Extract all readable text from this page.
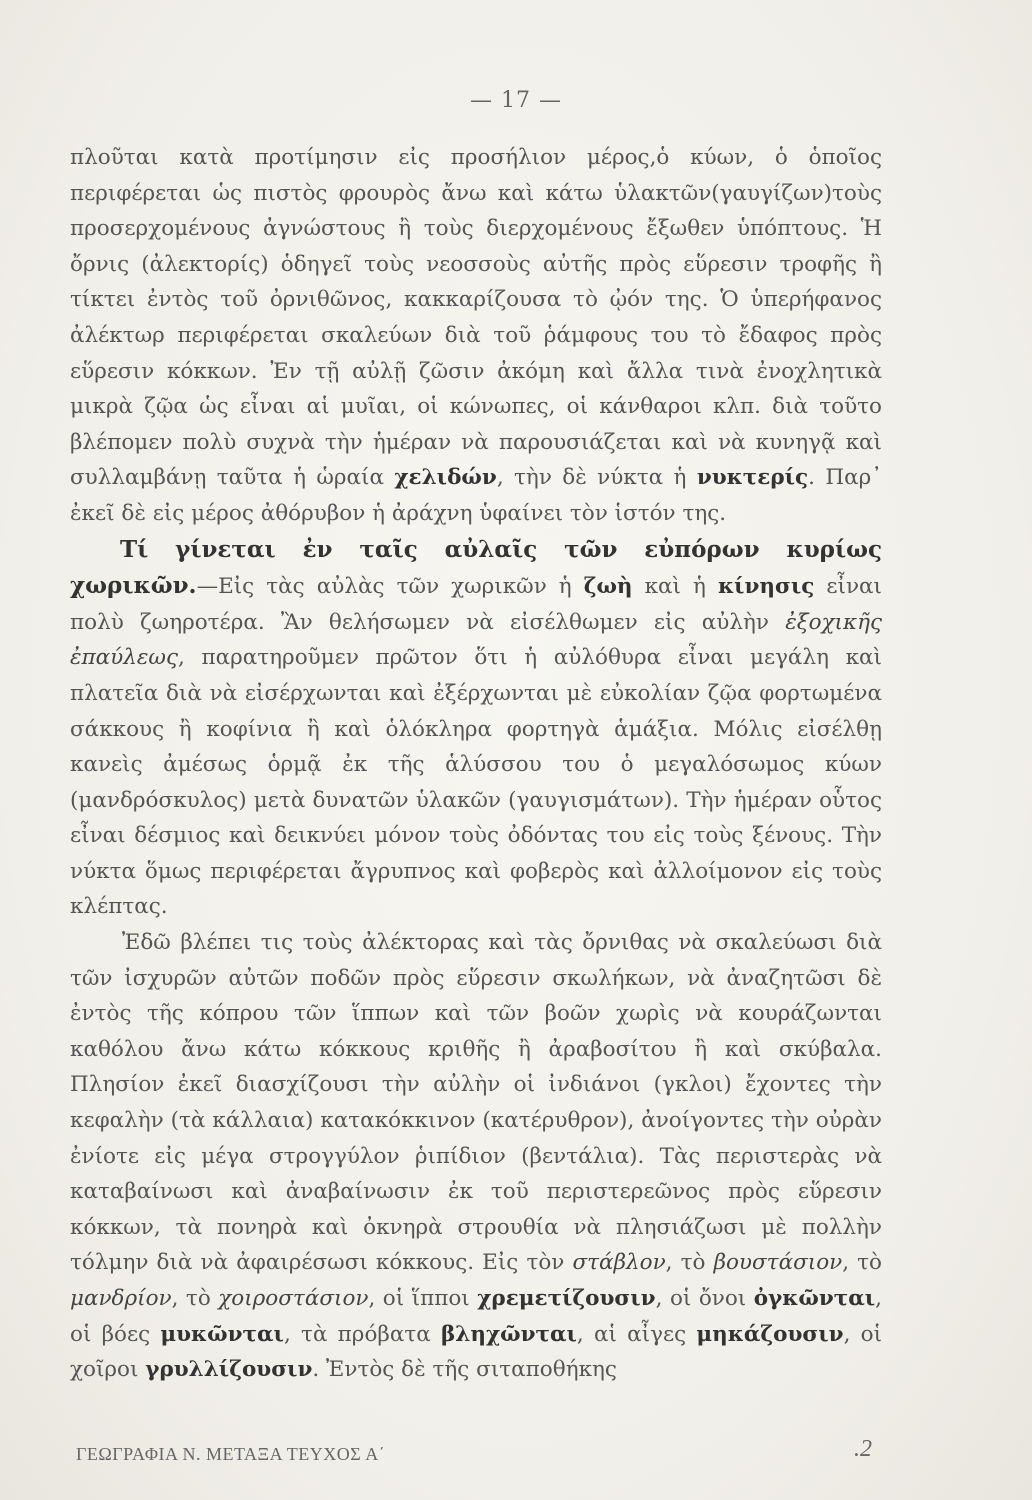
— 17 —

πλοῦται κατὰ προτίμησιν εἰς προσήλιον μέρος,ὁ κύων, ὁ ὁποῖος περιφέρεται ὡς πιστὸς φρουρὸς ἄνω καὶ κάτω ὑλακτῶν(γαυγίζων)τοὺς προσερχομένους ἀγνώστους ἢ τοὺς διερχομένους ἔξωθεν ὑπόπτους. Ἡ ὄρνις (ἀλεκτορίς) ὁδηγεῖ τοὺς νεοσσοὺς αὐτῆς πρὸς εὕρεσιν τροφῆς ἢ τίκτει ἐντὸς τοῦ ὀρνιθῶνος, κακκαρίζουσα τὸ ᾠόν της. Ὁ ὑπερήφανος ἀλέκτωρ περιφέρεται σκαλεύων διὰ τοῦ ῥάμφους του τὸ ἔδαφος πρὸς εὕρεσιν κόκκων. Ἐν τῇ αὐλῇ ζῶσιν ἀκόμη καὶ ἄλλα τινὰ ἐνοχλητικὰ μικρὰ ζῷα ὡς εἶναι αἱ μυῖαι, οἱ κώνωπες, οἱ κάνθαροι κλπ. διὰ τοῦτο βλέπομεν πολὺ συχνὰ τὴν ἡμέραν νὰ παρουσιάζεται καὶ νὰ κυνηγᾷ καὶ συλλαμβάνῃ ταῦτα ἡ ὡραία χελιδών, τὴν δὲ νύκτα ἡ νυκτερίς. Παρ᾽ ἐκεῖ δὲ εἰς μέρος ἀθόρυβον ἡ ἀράχνη ὑφαίνει τὸν ἱστόν της.

Τί γίνεται ἐν ταῖς αὐλαῖς τῶν εὐπόρων κυρίως χωρικῶν.—Εἰς τὰς αὐλὰς τῶν χωρικῶν ἡ ζωὴ καὶ ἡ κίνησις εἶναι πολὺ ζωηροτέρα. Ἂν θελήσωμεν νὰ εἰσέλθωμεν εἰς αὐλὴν ἐξοχικῆς ἐπαύλεως, παρατηροῦμεν πρῶτον ὅτι ἡ αὐλόθυρα εἶναι μεγάλη καὶ πλατεῖα διὰ νὰ εἰσέρχωνται καὶ ἐξέρχωνται μὲ εὐκολίαν ζῷα φορτωμένα σάκκους ἢ κοφίνια ἢ καὶ ὁλόκληρα φορτηγὰ ἁμάξια. Μόλις εἰσέλθῃ κανεὶς ἀμέσως ὁρμᾷ ἐκ τῆς ἁλύσσου του ὁ μεγαλόσωμος κύων (μανδρόσκυλος) μετὰ δυνατῶν ὑλακῶν (γαυγισμάτων). Τὴν ἡμέραν οὗτος εἶναι δέσμιος καὶ δεικνύει μόνον τοὺς ὀδόντας του εἰς τοὺς ξένους. Τὴν νύκτα ὅμως περιφέρεται ἄγρυπνος καὶ φοβερὸς καὶ ἀλλοίμονον εἰς τοὺς κλέπτας.

Ἐδῶ βλέπει τις τοὺς ἀλέκτορας καὶ τὰς ὄρνιθας νὰ σκαλεύωσι διὰ τῶν ἰσχυρῶν αὐτῶν ποδῶν πρὸς εὕρεσιν σκωλήκων, νὰ ἀναζητῶσι δὲ ἐντὸς τῆς κόπρου τῶν ἵππων καὶ τῶν βοῶν χωρὶς νὰ κουράζωνται καθόλου ἄνω κάτω κόκκους κριθῆς ἢ ἀραβοσίτου ἢ καὶ σκύβαλα. Πλησίον ἐκεῖ διασχίζουσι τὴν αὐλὴν οἱ ἰνδιάνοι (γκλοι) ἔχοντες τὴν κεφαλὴν (τὰ κάλλαια) κατακόκκινον (κατέρυθρον), ἀνοίγοντες τὴν οὐρὰν ἐνίοτε εἰς μέγα στρογγύλον ῥιπίδιον (βεντάλια). Τὰς περιστερὰς νὰ καταβαίνωσι καὶ ἀναβαίνωσιν ἐκ τοῦ περιστερεῶνος πρὸς εὕρεσιν κόκκων, τὰ πονηρὰ καὶ ὀκνηρὰ στρουθία νὰ πλησιάζωσι μὲ πολλὴν τόλμην διὰ νὰ ἀφαιρέσωσι κόκκους. Εἰς τὸν στάβλον, τὸ βουστάσιον, τὸ μανδρίον, τὸ χοιροστάσιον, οἱ ἵπποι χρεμετίζουσιν, οἱ ὄνοι ὀγκῶνται, οἱ βόες μυκῶνται, τὰ πρόβατα βληχῶνται, αἱ αἶγες μηκάζουσιν, οἱ χοῖροι γρυλλίζουσιν. Ἐντὸς δὲ τῆς σιταποθήκης

ΓΕΩΓΡΑΦΙΑ Ν. ΜΕΤΑΞΑ ΤΕΥΧΟΣ Α΄	.2
